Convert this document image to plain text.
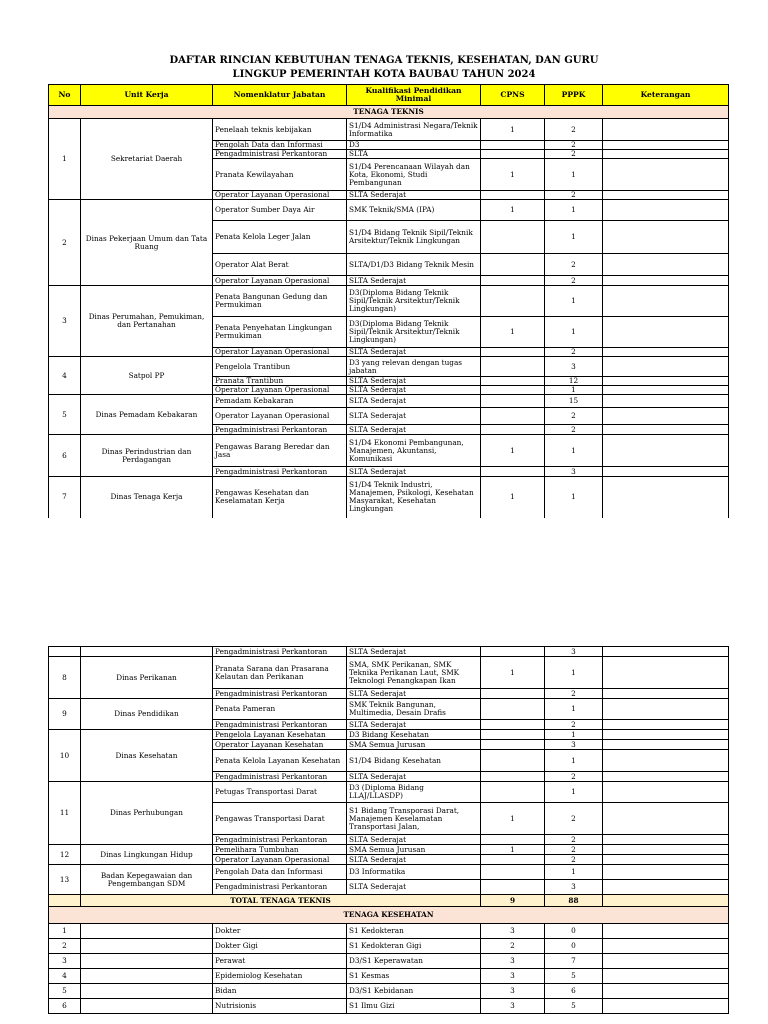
DAFTAR RINCIAN KEBUTUHAN TENAGA TEKNIS, KESEHATAN, DAN GURU
LINGKUP PEMERINTAH KOTA BAUBAU TAHUN 2024
No	Unit Kerja	Nomenklatur Jabatan	Kualifikasi Pendidikan Minimal	CPNS	PPPK	Keterangan
TENAGA TEKNIS						
1	Sekretariat Daerah	Penelaah teknis kebijakan	S1/D4 Administrasi Negara/Teknik Informatika	1	2	
		Pengolah Data dan Informasi	D3		2	
		Pengadministrasi Perkantoran	SLTA		2	
		Pranata Kewilayahan	S1/D4 Perencanaan Wilayah dan Kota, Ekonomi, Studi Pembangunan	1	1	
		Operator Layanan Operasional	SLTA Sederajat		2	
2	Dinas Pekerjaan Umum dan Tata Ruang	Operator Sumber Daya Air	SMK Teknik/SMA (IPA)	1	1	
		Penata Kelola Leger Jalan	S1/D4 Bidang Teknik Sipil/Teknik Arsitektur/Teknik Lingkungan		1	
		Operator Alat Berat	SLTA/D1/D3 Bidang Teknik Mesin		2	
		Operator Layanan Operasional	SLTA Sederajat		2	
3	Dinas Perumahan, Pemukiman, dan Pertanahan	Penata Bangunan Gedung dan Permukiman	D3(Diploma Bidang Teknik Sipil/Teknik Arsitektur/Teknik Lingkungan)		1	
		Penata Penyehatan Lingkungan Permukiman	D3(Diploma Bidang Teknik Sipil/Teknik Arsitektur/Teknik Lingkungan)	1	1	
		Operator Layanan Operasional	SLTA Sederajat		2	
4	Satpol PP	Pengelola Trantibun	D3 yang relevan dengan tugas jabatan		3	
		Pranata Trantibun	SLTA Sederajat		12	
		Operator Layanan Operasional	SLTA Sederajat		1	
5	Dinas Pemadam Kebakaran	Pemadam Kebakaran	SLTA Sederajat		15	
		Operator Layanan Operasional	SLTA Sederajat		2	
		Pengadministrasi Perkantoran	SLTA Sederajat		2	
6	Dinas Perindustrian dan Perdagangan	Pengawas Barang Beredar dan Jasa	S1/D4 Ekonomi Pembangunan, Manajemen, Akuntansi, Komunikasi	1	1	
		Pengadministrasi Perkantoran	SLTA Sederajat		3	
7	Dinas Tenaga Kerja	Pengawas Kesehatan dan Keselamatan Kerja	S1/D4 Teknik Industri, Manajemen, Psikologi, Kesehatan Masyarakat, Kesehatan Lingkungan	1	1	
		Pengadministrasi Perkantoran	SLTA Sederajat		3	
8	Dinas Perikanan	Pranata Sarana dan Prasarana Kelautan dan Perikanan	SMA, SMK Perikanan, SMK Teknika Perikanan Laut, SMK Teknologi Penangkapan Ikan	1	1	
		Pengadministrasi Perkantoran	SLTA Sederajat		2	
9	Dinas Pendidikan	Penata Pameran	SMK Teknik Bangunan, Multimedia, Desain Drafis		1	
		Pengadministrasi Perkantoran	SLTA Sederajat		2	
10	Dinas Kesehatan	Pengelola Layanan Kesehatan	D3 Bidang Kesehatan		1	
		Operator Layanan Kesehatan	SMA Semua Jurusan		3	
		Penata Kelola Layanan Kesehatan	S1/D4 Bidang Kesehatan		1	
		Pengadministrasi Perkantoran	SLTA Sederajat		2	
11	Dinas Perhubungan	Petugas Transportasi Darat	D3 (Diploma Bidang LLAJ/LLASDP)		1	
		Pengawas Transportasi Darat	S1 Bidang Transporasi Darat, Manajemen Keselamatan Transportasi Jalan,	1	2	
		Pengadministrasi Perkantoran	SLTA Sederajat		2	
12	Dinas Lingkungan Hidup	Pemelihara Tumbuhan	SMA Semua Jurusan	1	2	
		Operator Layanan Operasional	SLTA Sederajat		2	
13	Badan Kepegawaian dan Pengembangan SDM	Pengolah Data dan Informasi	D3 Informatika		1	
		Pengadministrasi Perkantoran	SLTA Sederajat		3	
	TOTAL TENAGA TEKNIS			9	88	
TENAGA KESEHATAN						
1		Dokter	S1 Kedokteran	3	0	
2		Dokter Gigi	S1 Kedokteran Gigi	2	0	
3		Perawat	D3/S1 Keperawatan	3	7	
4		Epidemiolog Kesehatan	S1 Kesmas	3	5	
5		Bidan	D3/S1 Kebidanan	3	6	
6		Nutrisionis	S1 Ilmu Gizi	3	5	
